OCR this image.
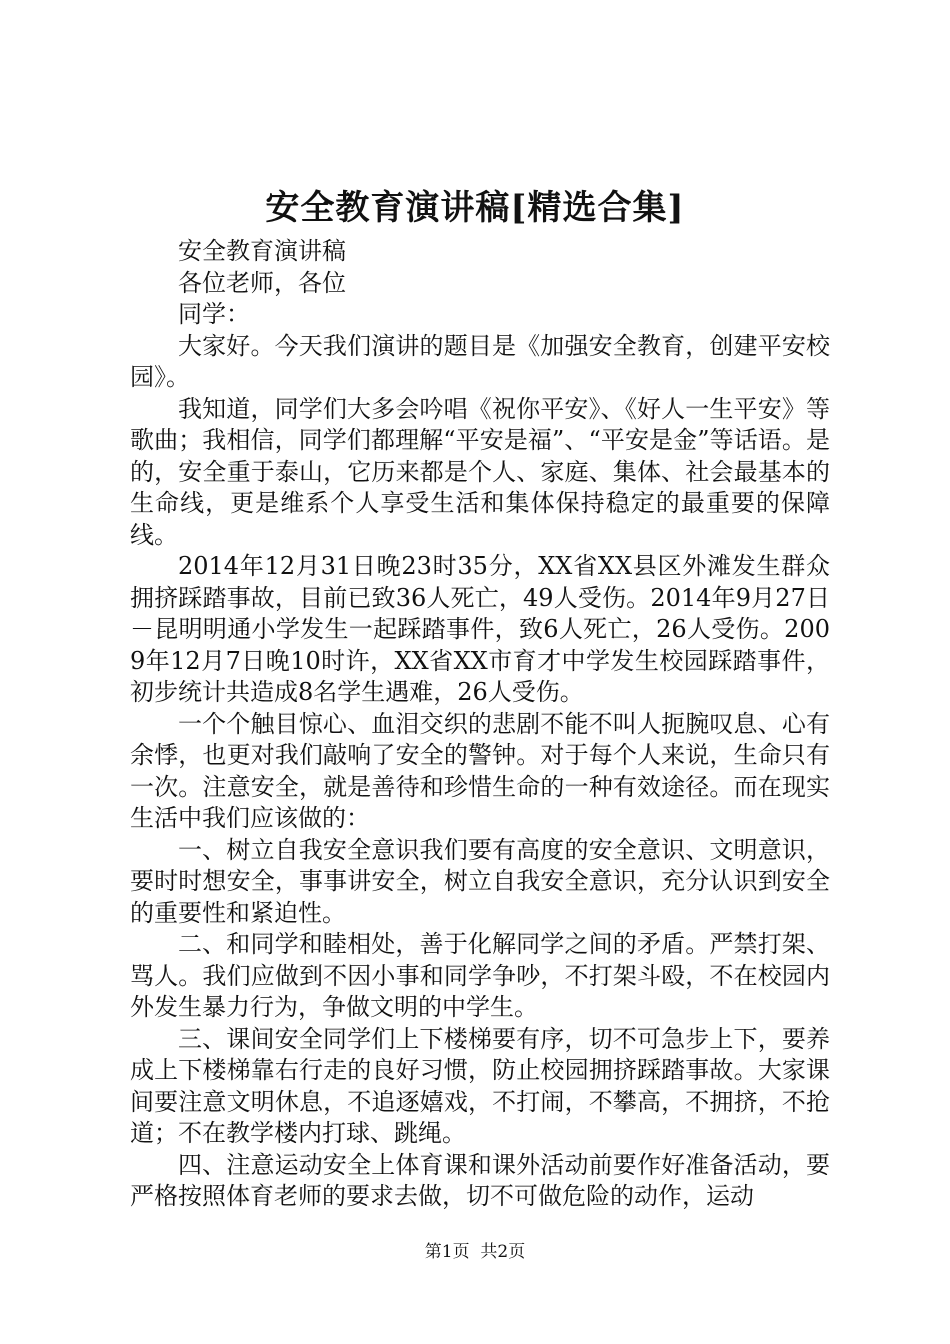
安全教育演讲稿[精选合集]

安全教育演讲稿

各位老师，各位

同学：

大家好。今天我们演讲的题目是《加强安全教育，创建平安校园》。

我知道，同学们大多会吟唱《祝你平安》、《好人一生平安》等歌曲；我相信，同学们都理解“平安是福”、“平安是金”等话语。是的，安全重于泰山，它历来都是个人、家庭、集体、社会最基本的生命线，更是维系个人享受生活和集体保持稳定的最重要的保障线。

2014年12月31日晚23时35分，XX省XX县区外滩发生群众拥挤踩踏事故，目前已致36人死亡，49人受伤。2014年9月27日－昆明明通小学发生一起踩踏事件，致6人死亡，26人受伤。2009年12月7日晚10时许，XX省XX市育才中学发生校园踩踏事件，初步统计共造成8名学生遇难，26人受伤。

一个个触目惊心、血泪交织的悲剧不能不叫人扼腕叹息、心有余悸，也更对我们敲响了安全的警钟。对于每个人来说，生命只有一次。注意安全，就是善待和珍惜生命的一种有效途径。而在现实生活中我们应该做的：

一、树立自我安全意识我们要有高度的安全意识、文明意识，要时时想安全，事事讲安全，树立自我安全意识，充分认识到安全的重要性和紧迫性。

二、和同学和睦相处，善于化解同学之间的矛盾。严禁打架、骂人。我们应做到不因小事和同学争吵，不打架斗殴，不在校园内外发生暴力行为，争做文明的中学生。

三、课间安全同学们上下楼梯要有序，切不可急步上下，要养成上下楼梯靠右行走的良好习惯，防止校园拥挤踩踏事故。大家课间要注意文明休息，不追逐嬉戏，不打闹，不攀高，不拥挤，不抢道；不在教学楼内打球、跳绳。

四、注意运动安全上体育课和课外活动前要作好准备活动，要严格按照体育老师的要求去做，切不可做危险的动作，运动

第1页 共2页
